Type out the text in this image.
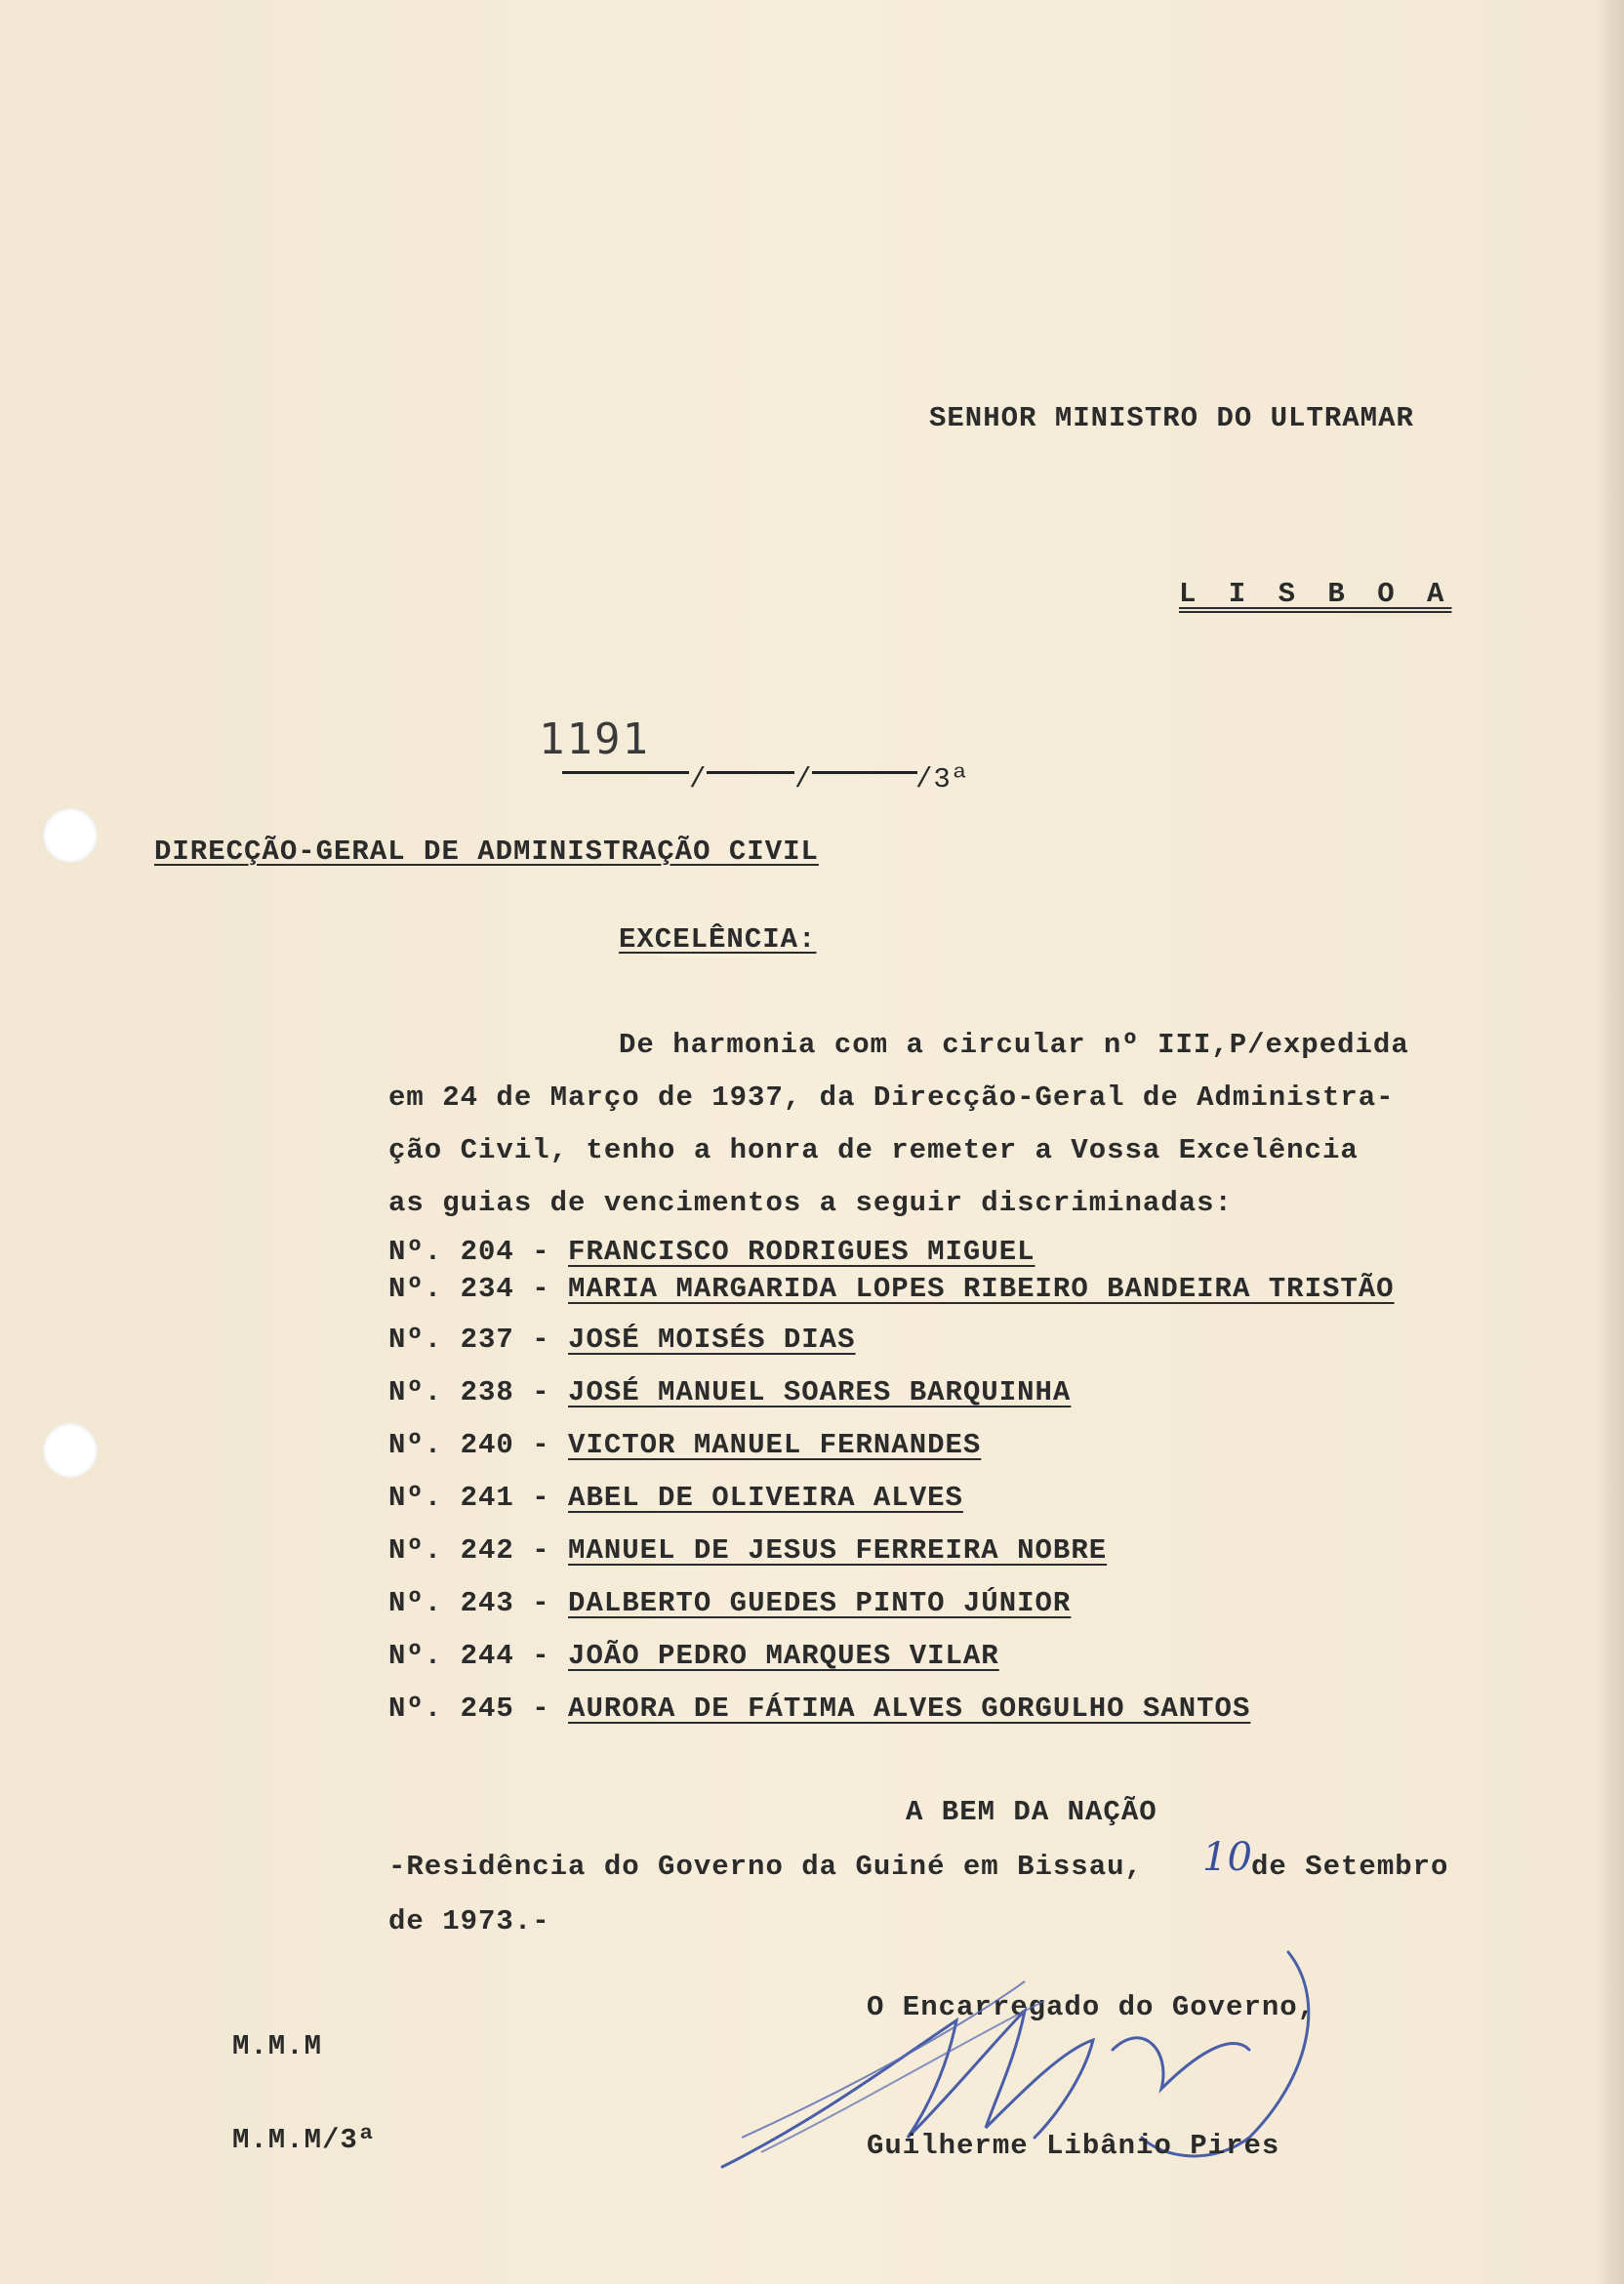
SENHOR MINISTRO DO ULTRAMAR
L I S B O A
1191
/	/	/3ª
DIRECÇÃO-GERAL DE ADMINISTRAÇÃO CIVIL
EXCELÊNCIA:
De harmonia com a circular nº III,P/expedida
em 24 de Março de 1937, da Direcção-Geral de Administra-
ção Civil, tenho a honra de remeter a Vossa Excelência
as guias de vencimentos a seguir discriminadas:
Nº. 204 - FRANCISCO RODRIGUES MIGUEL
Nº. 234 - MARIA MARGARIDA LOPES RIBEIRO BANDEIRA TRISTÃO
Nº. 237 - JOSÉ MOISÉS DIAS
Nº. 238 - JOSÉ MANUEL SOARES BARQUINHA
Nº. 240 - VICTOR MANUEL FERNANDES
Nº. 241 - ABEL DE OLIVEIRA ALVES
Nº. 242 - MANUEL DE JESUS FERREIRA NOBRE
Nº. 243 - DALBERTO GUEDES PINTO JÚNIOR
Nº. 244 - JOÃO PEDRO MARQUES VILAR
Nº. 245 - AURORA DE FÁTIMA ALVES GORGULHO SANTOS
A BEM DA NAÇÃO
-Residência do Governo da Guiné em Bissau, 10 de Setembro
de 1973.-
O Encarregado do Governo,
Guilherme Libânio Pires
M.M.M
M.M.M/3ª
